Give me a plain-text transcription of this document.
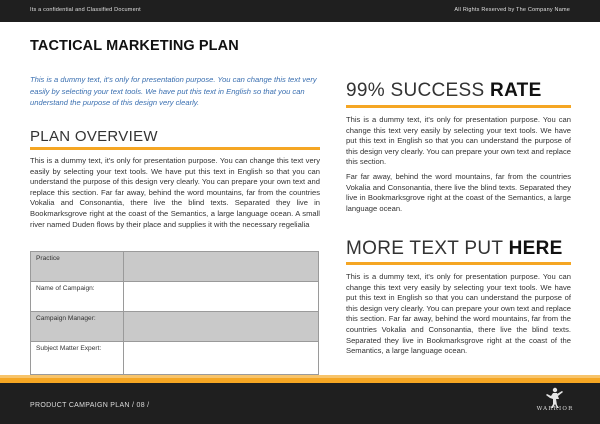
Its a confidential and Classified Document	All Rights Reserved by The Company Name
TACTICAL MARKETING PLAN
This is a dummy text, it's only for presentation purpose. You can change this text very easily by selecting your text tools. We have put this text in English so that you can understand the purpose of this design very clearly.
PLAN OVERVIEW
This is a dummy text, it's only for presentation purpose. You can change this text very easily by selecting your text tools. We have put this text in English so that you can understand the purpose of this design very clearly. You can prepare your own text and replace this section. Far far away, behind the word mountains, far from the countries Vokalia and Consonantia, there live the blind texts. Separated they live in Bookmarksgrove right at the coast of the Semantics, a large language ocean. A small river named Duden flows by their place and supplies it with the necessary regelialia
Practice	
Name of Campaign:	
Campaign Manager:	
Subject Matter Expert:	
99% SUCCESS RATE
This is a dummy text, it's only for presentation purpose. You can change this text very easily by selecting your text tools. We have put this text in English so that you can understand the purpose of this design very clearly. You can prepare your own text and replace this section.
Far far away, behind the word mountains, far from the countries Vokalia and Consonantia, there live the blind texts. Separated they live in Bookmarksgrove right at the coast of the Semantics, a large language ocean.
MORE TEXT PUT HERE
This is a dummy text, it's only for presentation purpose. You can change this text very easily by selecting your text tools. We have put this text in English so that you can understand the purpose of this design very clearly. You can prepare your own text and replace this section. Far far away, behind the word mountains, far from the countries Vokalia and Consonantia, there live the blind texts. Separated they live in Bookmarksgrove right at the coast of the Semantics, a large language ocean.
PRODUCT CAMPAIGN PLAN / 08 /	WARRIOR
